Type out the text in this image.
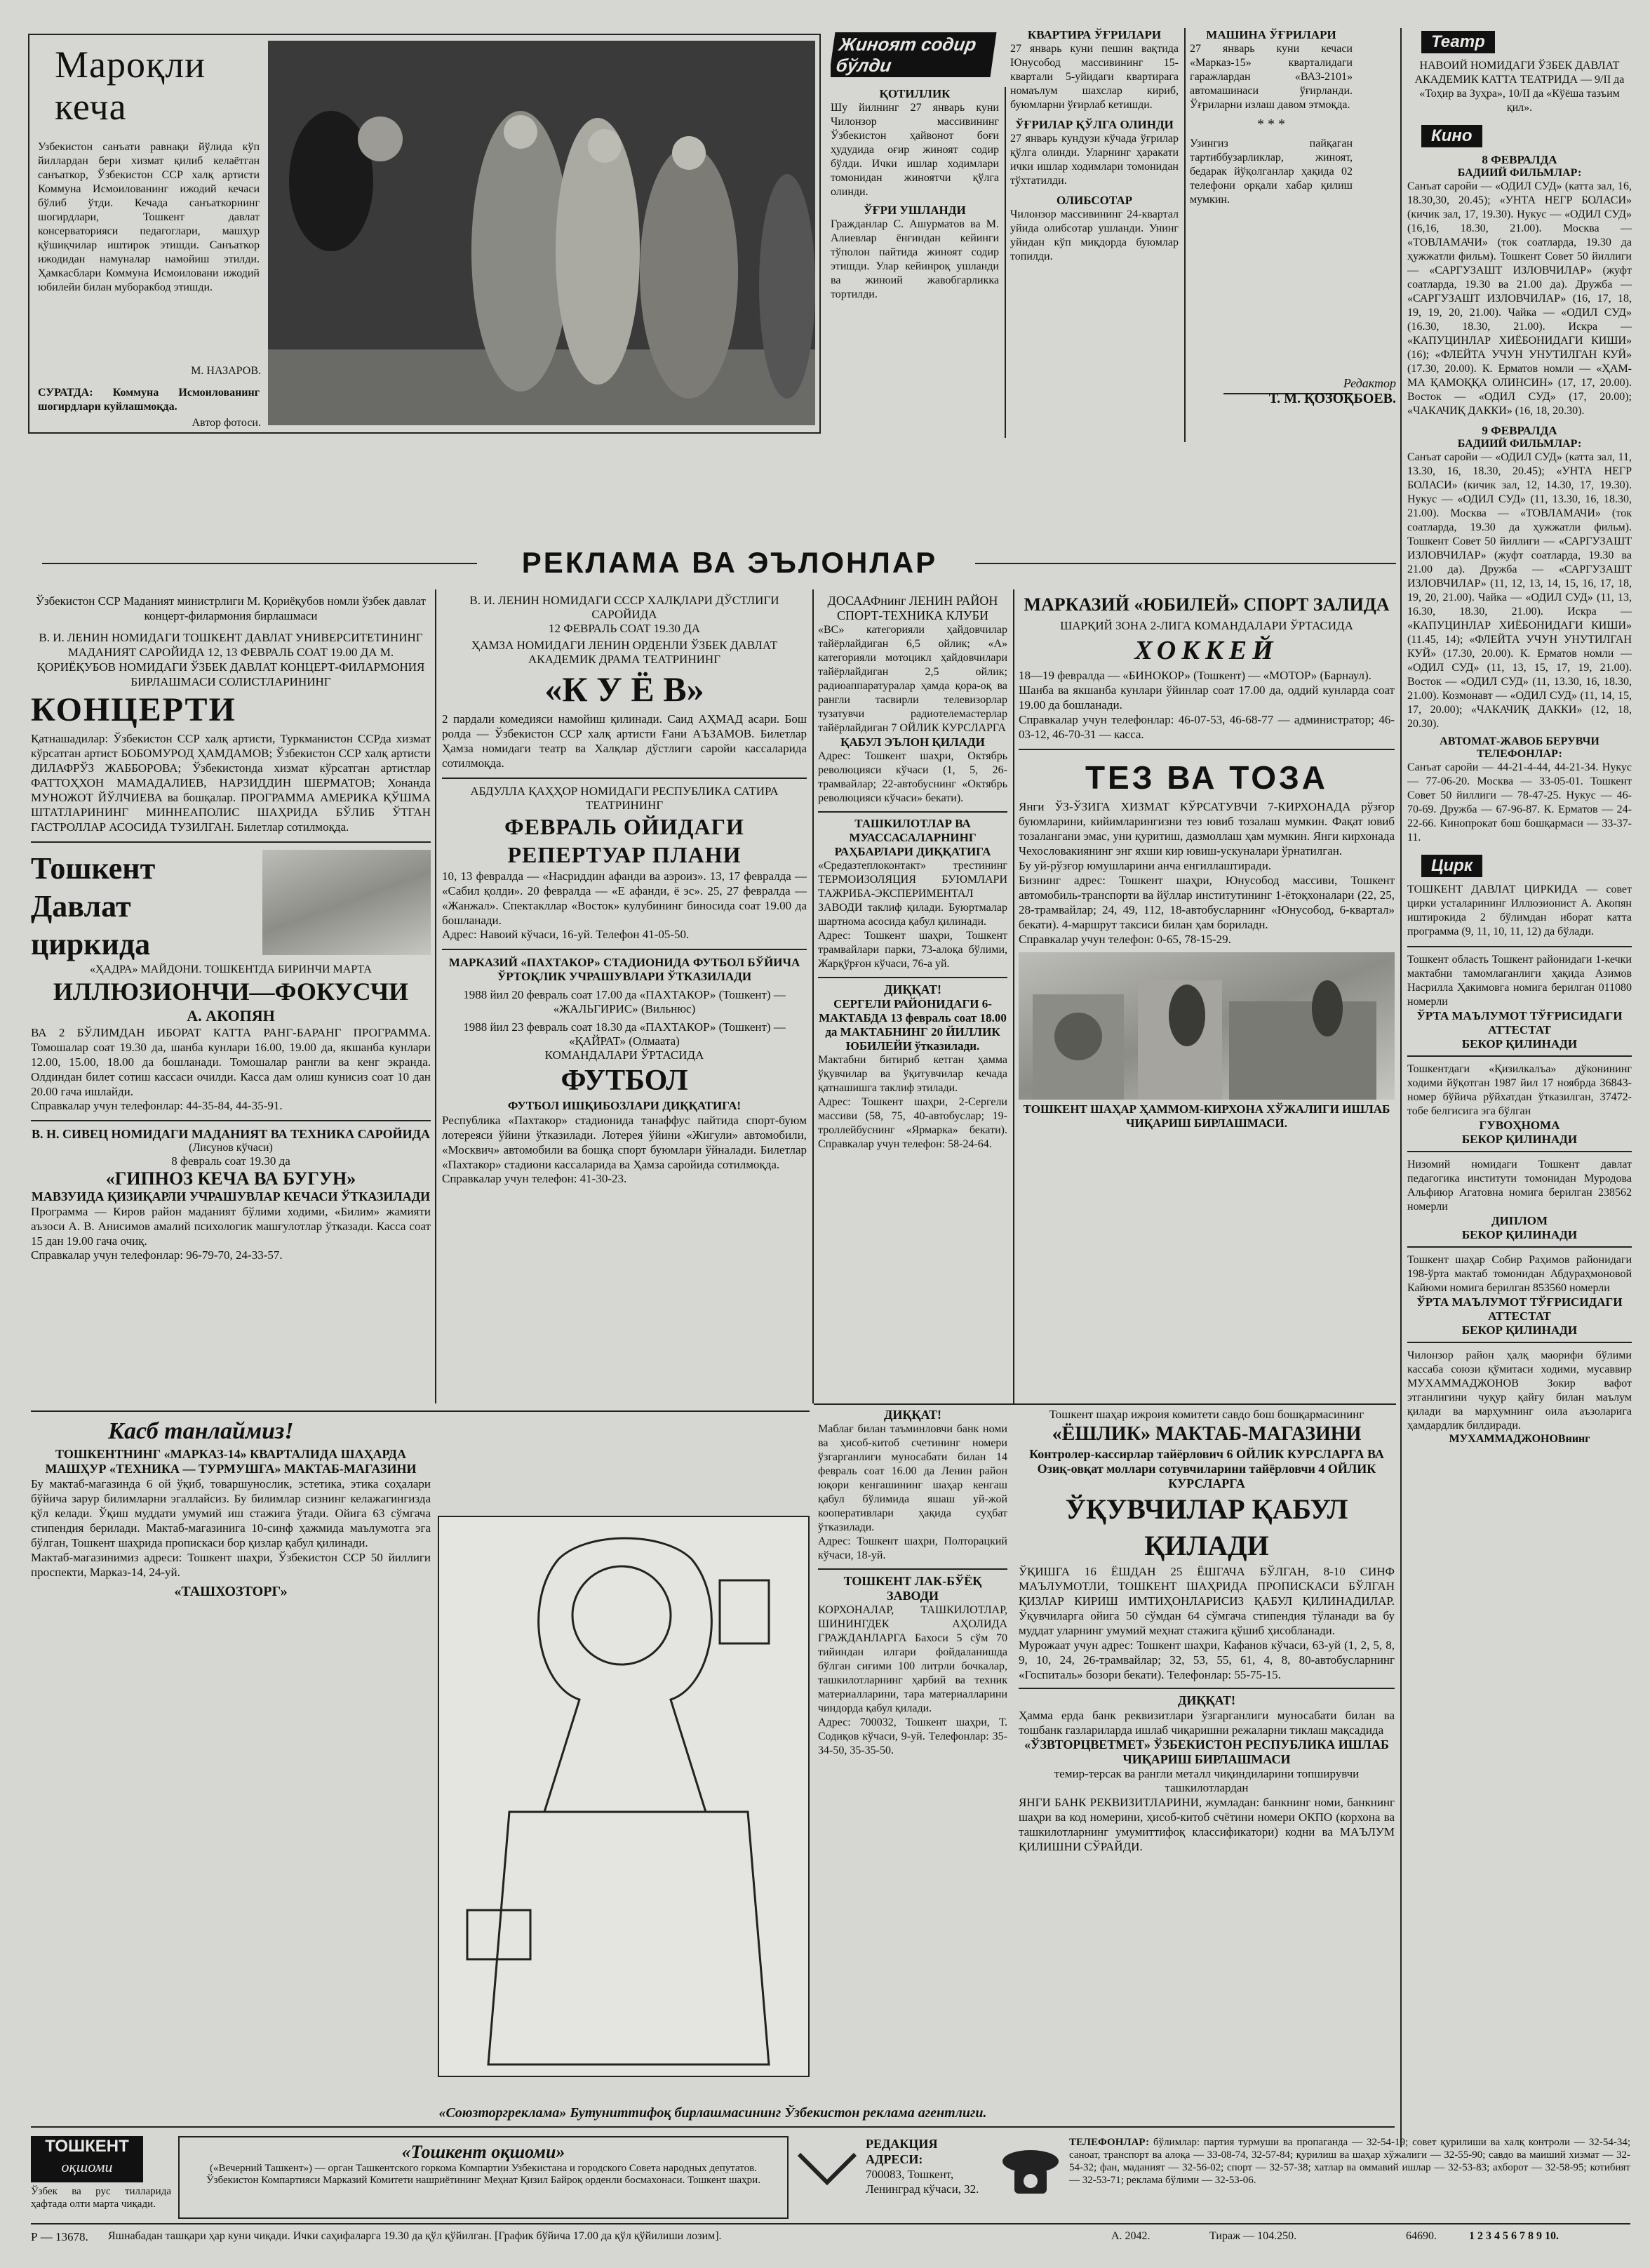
Мароқли кеча
Узбекистон санъати равнақи йўлида кўп йиллардан бери хизмат қилиб келаётган санъаткор, Ўзбекистон ССР халқ артисти Коммуна Исмоилованинг ижодий кечаси бўлиб ўтди. Кечада санъаткорнинг шогирдлари, Тошкент давлат консерваторияси педагоглари, машҳур қўшиқчилар иштирок этишди. Санъаткор ижодидан намуналар намойиш этилди. Ҳамкасблари Коммуна Исмоиловани ижодий юбилейи билан муборакбод этишди.
М. НАЗАРОВ.
СУРАТДА: Коммуна Исмоилованинг шогирдлари куйлашмоқда.
Автор фотоси.
Жиноят содир бўлди
ҚОТИЛЛИК
Шу йилнинг 27 январь куни Чилонзор массивининг Ўзбекистон ҳайвонот боғи ҳудудида оғир жиноят содир бўлди. Ички ишлар ходимлари томонидан жиноятчи қўлга олинди.
ЎҒРИ УШЛАНДИ
Гражданлар С. Ашурматов ва М. Алиевлар ёнғиндан кейинги тўполон пайтида жиноят содир этишди. Улар кейинроқ ушланди ва жиноий жавобгарликка тортилди.
КВАРТИРА ЎҒРИЛАРИ
27 январь куни пешин вақтида Юнусобод массивининг 15-квартали 5-уйидаги квартирага номаълум шахслар кириб, буюмларни ўғирлаб кетишди.
ЎҒРИЛАР ҚЎЛГА ОЛИНДИ
27 январь кундузи кўчада ўғрилар қўлга олинди. Уларнинг ҳаракати ички ишлар ходимлари томонидан тўхтатилди.
ОЛИБСОТАР
Чилонзор массивининг 24-квартал уйида олибсотар ушланди. Унинг уйидан кўп миқдорда буюмлар топилди.
МАШИНА ЎҒРИЛАРИ
27 январь куни кечаси «Марказ-15» кварталидаги гаражлардан «ВАЗ-2101» автомашинаси ўғирланди. Ўғриларни излаш давом этмоқда.
* * *
Узингиз пайқаган тартиббузарликлар, жиноят, бедарак йўқолганлар ҳақида 02 телефони орқали хабар қилиш мумкин.
Редактор
Т. М. ҚОЗОҚБОЕВ.
Театр
НАВОИЙ НОМИДАГИ ЎЗБЕК ДАВЛАТ АКАДЕМИК КАТТА ТЕАТРИДА — 9/II да «Тоҳир ва Зуҳра», 10/II да «Кўёша тазъим қил».
Кино
8 ФЕВРАЛДА
БАДИИЙ ФИЛЬМЛАР:
Санъат саройи — «ОДИЛ СУД» (катта зал, 16, 18.30,30, 20.45); «УНТА НЕГР БОЛАСИ» (кичик зал, 17, 19.30). Нукус — «ОДИЛ СУД» (16,16, 18.30, 21.00). Москва — «ТОВЛАМАЧИ» (тoк соатларда, 19.30 да ҳужжатли фильм). Тошкент Совет 50 йиллиги — «САРГУЗАШТ ИЗЛОВЧИЛАР» (жуфт соатларда, 19.30 ва 21.00 да). Дружба — «САРГУЗАШТ ИЗЛОВЧИЛАР» (16, 17, 18, 19, 19, 20, 21.00). Чайка — «ОДИЛ СУД» (16.30, 18.30, 21.00). Искра — «КАПУЦИНЛАР ХИЁБОНИДАГИ КИШИ» (16); «ФЛЕЙТА УЧУН УНУТИЛГАН КУЙ» (17.30, 20.00). К. Ерматов номли — «ҲАМ-МА ҚАМОҚҚА ОЛИНСИН» (17, 17, 20.00). Восток — «ОДИЛ СУД» (17, 20.00); «ЧАКАЧИҚ ДАККИ» (16, 18, 20.30).
9 ФЕВРАЛДА
БАДИИЙ ФИЛЬМЛАР:
Санъат саройи — «ОДИЛ СУД» (катта зал, 11, 13.30, 16, 18.30, 20.45); «УНТА НЕГР БОЛАСИ» (кичик зал, 12, 14.30, 17, 19.30). Нукус — «ОДИЛ СУД» (11, 13.30, 16, 18.30, 21.00). Москва — «ТОВЛАМАЧИ» (тoк соатларда, 19.30 да ҳужжатли фильм). Тошкент Совет 50 йиллиги — «САРГУЗАШТ ИЗЛОВЧИЛАР» (жуфт соатларда, 19.30 ва 21.00 да). Дружба — «САРГУЗАШТ ИЗЛОВЧИЛАР» (11, 12, 13, 14, 15, 16, 17, 18, 19, 20, 21.00). Чайка — «ОДИЛ СУД» (11, 13, 16.30, 18.30, 21.00). Искра — «КАПУЦИНЛАР ХИЁБОНИДАГИ КИШИ» (11.45, 14); «ФЛЕЙТА УЧУН УНУТИЛГАН КУЙ» (17.30, 20.00). К. Ерматов номли — «ОДИЛ СУД» (11, 13, 15, 17, 19, 21.00). Восток — «ОДИЛ СУД» (11, 13.30, 16, 18.30, 21.00). Козмонавт — «ОДИЛ СУД» (11, 14, 15, 17, 20.00); «ЧАКАЧИҚ ДАККИ» (12, 18, 20.30).
АВТОМАТ-ЖАВОБ БЕРУВЧИ ТЕЛЕФОНЛАР:
Санъат саройи — 44-21-4-44, 44-21-34. Нукус — 77-06-20. Москва — 33-05-01. Тошкент Совет 50 йиллиги — 78-47-25. Нукус — 46-70-69. Дружба — 67-96-87. К. Ерматов — 24-22-66. Кинопрокат бош бошқармаси — 33-37-11.
Цирк
ТОШКЕНТ ДАВЛАТ ЦИРКИДА — совет цирки усталарининг Иллюзионист А. Акопян иштирокида 2 бўлимдан иборат катта программа (9, 11, 10, 11, 12) да бўлади.
Тошкент область Тошкент районидаги 1-кечки мактабни тамомлаганлиги ҳақида Азимов Насрилла Ҳакимовга номига берилган 011080 номерли
ЎРТА МАЪЛУМОТ ТЎҒРИСИДАГИ АТТЕСТАТ
БЕКОР ҚИЛИНАДИ
Тошкентдаги «Қизилкалъа» дўконининг ходими йўқотган 1987 йил 17 ноябрда 36843-номер бўйича рўйхатдан ўтказилган, 37472-тобе белгисига эга бўлган
ГУВОҲНОМА
БЕКОР ҚИЛИНАДИ
Низомий номидаги Тошкент давлат педагогика институти томонидан Муродова Альфиюр Агатовна номига берилган 238562 номерли
ДИПЛОМ
БЕКОР ҚИЛИНАДИ
Тошкент шаҳар Собир Раҳимов районидаги 198-ўрта мактаб томонидан Абдураҳмоновой Кайюми номига берилган 853560 номерли
ЎРТА МАЪЛУМОТ ТЎҒРИСИДАГИ АТТЕСТАТ
БЕКОР ҚИЛИНАДИ
Чилонзор район ҳалқ маорифи бўлими кассаба союзи қўмитаси ходими, мусаввир МУХАММАДЖОНОВ Зокир вафот этганлигини чуқур қайғу билан маълум қилади ва марҳумнинг оила аъзоларига ҳамдардлик билдиради.
МУХАММАДЖОНОВнинг
РЕКЛАМА ВА ЭЪЛОНЛАР
Ўзбекистон ССР Маданият министрлиги М. Қориёқубов номли ўзбек давлат концерт-филармония бирлашмаси
В. И. ЛЕНИН НОМИДАГИ ТОШКЕНТ ДАВЛАТ УНИВЕРСИТЕТИНИНГ МАДАНИЯТ САРОЙИДА 12, 13 ФЕВРАЛЬ СОАТ 19.00 ДА М. ҚОРИЁҚУБОВ НОМИДАГИ ЎЗБЕК ДАВЛАТ КОНЦЕРТ-ФИЛАРМОНИЯ БИРЛАШМАСИ СОЛИСТЛАРИНИНГ
КОНЦЕРТИ
Қатнашадилар: Ўзбекистон ССР халқ артисти, Туркманистон ССРда хизмат кўрсатган артист БОБОМУРОД ҲАМДАМОВ; Ўзбекистон ССР халқ артисти ДИЛАФРЎЗ ЖАББОРОВА; Ўзбекистонда хизмат кўрсатган артистлар ФАТТОҲХОН МАМАДАЛИЕВ, НАРЗИДДИН ШЕРМАТОВ; Хонанда МУНОЖОТ ЙЎЛЧИЕВА ва бошқалар. ПРОГРАММА АМЕРИКА ҚЎШМА ШТАТЛАРИНИНГ МИННЕАПОЛИС ШАҲРИДА БЎЛИБ ЎТГАН ГАСТРОЛЛАР АСОСИДА ТУЗИЛГАН. Билетлар сотилмоқда.
Тошкент Давлат циркида
«ҲАДРА» МАЙДОНИ. ТОШКЕНТДА БИРИНЧИ МАРТА
ИЛЛЮЗИОНЧИ—ФОКУСЧИ
А. АКОПЯН
ВА 2 БЎЛИМДАН ИБОРАТ КАТТА РАНГ-БАРАНГ ПРОГРАММА. Томошалар соат 19.30 да, шанба кунлари 16.00, 19.00 да, якшанба кунлари 12.00, 15.00, 18.00 да бошланади. Томошалар рангли ва кенг экранда. Олдиндан билет сотиш кассаси очилди. Касса дам олиш кунисиз соат 10 дан 20.00 гача ишлайди.
Справкалар учун телефонлар: 44-35-84, 44-35-91.
В. Н. СИВЕЦ НОМИДАГИ МАДАНИЯТ ВА ТЕХНИКА САРОЙИДА
(Лисунов кўчаси)
8 февраль соат 19.30 да
«ГИПНОЗ КЕЧА ВА БУГУН»
МАВЗУИДА ҚИЗИҚАРЛИ УЧРАШУВЛАР КЕЧАСИ ЎТКАЗИЛАДИ
Программа — Киров район маданият бўлими ходими, «Билим» жамияти аъзоси А. В. Анисимов амалий психологик машғулотлар ўтказади. Касса соат 15 дан 19.00 гача очиқ.
Справкалар учун телефонлар: 96-79-70, 24-33-57.
В. И. ЛЕНИН НОМИДАГИ СССР ХАЛҚЛАРИ ДЎСТЛИГИ САРОЙИДА
12 ФЕВРАЛЬ СОАТ 19.30 ДА
ҲАМЗА НОМИДАГИ ЛЕНИН ОРДЕНЛИ ЎЗБЕК ДАВЛАТ АКАДЕМИК ДРАМА ТЕАТРИНИНГ
«К У Ё В»
2 пардали комедияси намойиш қилинади. Саид АҲМАД асари. Бош ролда — Ўзбекистон ССР халқ артисти Ғани АЪЗАМОВ. Билетлар Ҳамза номидаги театр ва Халқлар дўстлиги саройи кассаларида сотилмоқда.
АБДУЛЛА ҚАҲҲОР НОМИДАГИ РЕСПУБЛИКА САТИРА ТЕАТРИНИНГ
ФЕВРАЛЬ ОЙИДАГИ РЕПЕРТУАР ПЛАНИ
10, 13 февралда — «Насриддин афанди ва аэроиз». 13, 17 февралда — «Сабил қолди». 20 февралда — «Е афанди, ё эс». 25, 27 февралда — «Жанжал». Спектакллар «Восток» кулубининг биносида соат 19.00 да бошланади.
Адрес: Навоий кўчаси, 16-уй. Телефон 41-05-50.
МАРКАЗИЙ «ПАХТАКОР» СТАДИОНИДА ФУТБОЛ БЎЙИЧА ЎРТОҚЛИК УЧРАШУВЛАРИ ЎТКАЗИЛАДИ
1988 йил 20 февраль соат 17.00 да «ПАХТАКОР» (Тошкент) — «ЖАЛЬГИРИС» (Вильнюс)
1988 йил 23 февраль соат 18.30 да «ПАХТАКОР» (Тошкент) — «ҚАЙРАТ» (Олмаата)
КОМАНДАЛАРИ ЎРТАСИДА
ФУТБОЛ
ФУТБОЛ ИШҚИБОЗЛАРИ ДИҚҚАТИГА!
Республика «Пахтакор» стадионида танаффус пайтида спорт-буюм лотереяси ўйини ўтказилади. Лотерея ўйини «Жигули» автомобили, «Москвич» автомобили ва бошқа спорт буюмлари ўйналади. Билетлар «Пахтакор» стадиони кассаларида ва Ҳамза саройида сотилмоқда.
Справкалар учун телефон: 41-30-23.
ДОСААФнинг ЛЕНИН РАЙОН СПОРТ-ТЕХНИКА КЛУБИ
«ВС» категорияли ҳайдовчилар тайёрлайдиган 6,5 ойлик; «А» категорияли мотоцикл ҳайдовчилари тайёрлайдиган 2,5 ойлик; радиоаппаратуралар ҳамда қора-оқ ва рангли тасвирли телевизорлар тузатувчи радиотелемастерлар тайёрлайдиган 7 ОЙЛИК КУРСЛАРГА
ҚАБУЛ ЭЪЛОН ҚИЛАДИ
Адрес: Тошкент шаҳри, Октябрь революцияси кўчаси (1, 5, 26-трамвайлар; 22-автобуснинг «Октябрь революцияси кўчаси» бекати).
ТАШКИЛОТЛАР ВА МУАССАСАЛАРНИНГ РАҲБАРЛАРИ ДИҚҚАТИГА
«Средазтеплоконтакт» трестининг ТЕРМОИЗОЛЯЦИЯ БУЮМЛАРИ ТАЖРИБА-ЭКСПЕРИМЕНТАЛ ЗАВОДИ таклиф қилади. Буюртмалар шартнома асосида қабул қилинади.
Адрес: Тошкент шаҳри, Тошкент трамвайлари парки, 73-алоқа бўлими, Жарқўрғон кўчаси, 76-а уй.
ДИҚҚАТ!
СЕРГЕЛИ РАЙОНИДАГИ 6-МАКТАБДА 13 февраль соат 18.00 да МАКТАБНИНГ 20 ЙИЛЛИК ЮБИЛЕЙИ ўтказилади.
Мактабни битириб кетган ҳамма ўқувчилар ва ўқитувчилар кечада қатнашишга таклиф этилади.
Адрес: Тошкент шаҳри, 2-Сергели массиви (58, 75, 40-автобуслар; 19-троллейбуснинг «Ярмарка» бекати). Справкалар учун телефон: 58-24-64.
МАРКАЗИЙ «ЮБИЛЕЙ» СПОРТ ЗАЛИДА
ШАРҚИЙ ЗОНА 2-ЛИГА КОМАНДАЛАРИ ЎРТАСИДА
ХОККЕЙ
18—19 февралда — «БИНОКОР» (Тошкент) — «МОТОР» (Барнаул).
Шанба ва якшанба кунлари ўйинлар соат 17.00 да, оддий кунларда соат 19.00 да бошланади.
Справкалар учун телефонлар: 46-07-53, 46-68-77 — администратор; 46-03-12, 46-70-31 — касса.
ТЕЗ ВА ТОЗА
Янги ЎЗ-ЎЗИГА ХИЗМАТ КЎРСАТУВЧИ 7-КИРХОНАДА рўзғор буюмларини, кийимларингизни тез ювиб тозалаш мумкин. Фақат ювиб тозалангани эмас, уни қуритиш, дазмоллаш ҳам мумкин. Янги кирхонада Чехословакиянинг энг яхши кир ювиш-ускуналари ўрнатилган.
Бу уй-рўзғор юмушларини анча енгиллаштиради.
Бизнинг адрес: Тошкент шаҳри, Юнусобод массиви, Тошкент автомобиль-транспорти ва йўллар институтининг 1-ётоқхоналари (22, 25, 28-трамвайлар; 24, 49, 112, 18-автобусларнинг «Юнусобод, 6-квартал» бекати). 4-маршрут таксиси билан ҳам бориладн.
Справкалар учун телефон: 0-65, 78-15-29.
ТОШКЕНТ ШАҲАР ҲАММОМ-КИРХОНА ХЎЖАЛИГИ ИШЛАБ ЧИҚАРИШ БИРЛАШМАСИ.
ДИҚҚАТ!
Маблағ билан таъминловчи банк номи ва ҳисоб-китоб счетининг номери ўзгарганлиги муносабати билан 14 февраль соат 16.00 да Ленин район юқори кенгашининг шаҳар кенгаш қабул бўлимида яшаш уй-жой кооперативлари ҳақида суҳбат ўтказилади.
Адрес: Тошкент шаҳри, Полторацкий кўчаси, 18-уй.
ТОШКЕНТ ЛАК-БЎЁҚ ЗАВОДИ
КОРХОНАЛАР, ТАШКИЛОТЛАР, ШИНИНГДЕК АҲОЛИДА ГРАЖДАНЛАРГА Бахоси 5 сўм 70 тийиндан илгари фойдаланишда бўлган сиғими 100 литрли бочкалар, ташкилотларнинг ҳарбий ва техник материалларини, тара материалларини чиндорда қабул қилади.
Адрес: 700032, Тошкент шаҳри, Т. Содиқов кўчаси, 9-уй. Телефонлар: 35-34-50, 35-35-50.
Тошкент шаҳар ижроия комитети савдо бош бошқармасининг
«ЁШЛИК» МАКТАБ-МАГАЗИНИ
Контролер-кассирлар тайёрлович 6 ОЙЛИК КУРСЛАРГА ВА Озиқ-овқат моллари сотувчиларини тайёрловчи 4 ОЙЛИК КУРСЛАРГА
ЎҚУВЧИЛАР ҚАБУЛ ҚИЛАДИ
ЎҚИШГА 16 ЁШДАН 25 ЁШГАЧА БЎЛГАН, 8-10 СИНФ МАЪЛУМОТЛИ, ТОШКЕНТ ШАҲРИДА ПРОПИСКАСИ БЎЛГАН ҚИЗЛАР КИРИШ ИМТИҲОНЛАРИСИЗ ҚАБУЛ ҚИЛИНАДИЛАР. Ўқувчиларга ойига 50 сўмдан 64 сўмгача стипендия тўланади ва бу муддат уларнинг умумий меҳнат стажига қўшиб ҳисобланади.
Мурожаат учун адрес: Тошкент шаҳри, Кафанов кўчаси, 63-уй (1, 2, 5, 8, 9, 10, 24, 26-трамвайлар; 32, 53, 55, 61, 4, 8, 80-автобусларнинг «Госпиталь» бозори бекати). Телефонлар: 55-75-15.
ДИҚҚАТ!
Ҳамма ерда банк реквизитлари ўзгарганлиги муносабати билан ва тошбанк газлариларда ишлаб чиқаришни режаларни тиклаш мақсадида
«ЎЗВТОРЦВЕТМЕТ» ЎЗБЕКИСТОН РЕСПУБЛИКА ИШЛАБ ЧИҚАРИШ БИРЛАШМАСИ
темир-терсак ва рангли металл чиқиндиларини топширувчи ташкилотлардан
ЯНГИ БАНК РЕКВИЗИТЛАРИНИ, жумладан: банкнинг номи, банкнинг шаҳри ва код номерини, ҳисоб-китоб счётини номери ОКПО (корхона ва ташкилотларнинг умумиттифоқ классификатори) кодни ва МАЪЛУМ ҚИЛИШНИ СЎРАЙДИ.
Касб танлаймиз!
ТОШКЕНТНИНГ «МАРКАЗ-14» КВАРТАЛИДА ШАҲАРДА МАШҲУР «ТЕХНИКА — ТУРМУШГА» МАКТАБ-МАГАЗИНИ
Бу мактаб-магазинда 6 ой ўқиб, товаршунослик, эстетика, этика соҳалари бўйича зарур билимларни эгаллайсиз. Бу билимлар сизнинг келажагингизда қўл келади. Ўқиш муддати умумий иш стажига ўтади. Ойига 63 сўмгача стипендия берилади. Мактаб-магазинига 10-синф ҳажмида маълумотга эга бўлган, Тошкент шаҳрида пропискаси бор қизлар қабул қилинади.
Мактаб-магазинимиз адреси: Тошкент шаҳри, Ўзбекистон ССР 50 йиллиги проспекти, Марказ-14, 24-уй.
«ТАШХОЗТОРГ»
«Союзторгреклама» Бутуниттифоқ бирлашмасининг Ўзбекистон реклама агентлиги.
ТОШКЕНТ
оқшоми
Ўзбек ва рус тилларида ҳафтада олти марта чиқади.
«Тошкент оқшоми»
(«Вечерний Ташкент») — орган Ташкентского горкома Компартии Узбекистана и городского Совета народных депутатов.
Ўзбекистон Компартияси Марказий Комитети нашриётининг Меҳнат Қизил Байроқ орденли босмахонаси. Тошкент шаҳри.
РЕДАКЦИЯ АДРЕСИ:
700083, Тошкент, Ленинград кўчаси, 32.
ТЕЛЕФОНЛАР: бўлимлар: партия турмуши ва пропаганда — 32-54-19; совет қурилиши ва халқ контроли — 32-54-34; саноат, транспорт ва алоқа — 33-08-74, 32-57-84; қурилиш ва шаҳар хўжалиги — 32-55-90; савдо ва маиший хизмат — 32-54-32; фан, маданият — 32-56-02; спорт — 32-57-38; хатлар ва оммавий ишлар — 32-53-83; ахборот — 32-58-95; котибият — 32-53-71; реклама бўлими — 32-53-06.
Р — 13678.	Яшнабадан ташқари ҳар куни чиқади. Ички саҳифаларга 19.30 да қўл қўйилган. [График бўйича 17.00 да қўл қўйилиши лозим].	А. 2042.	Тираж — 104.250.	64690.	1 2 3 4 5 6 7 8 9 10.
